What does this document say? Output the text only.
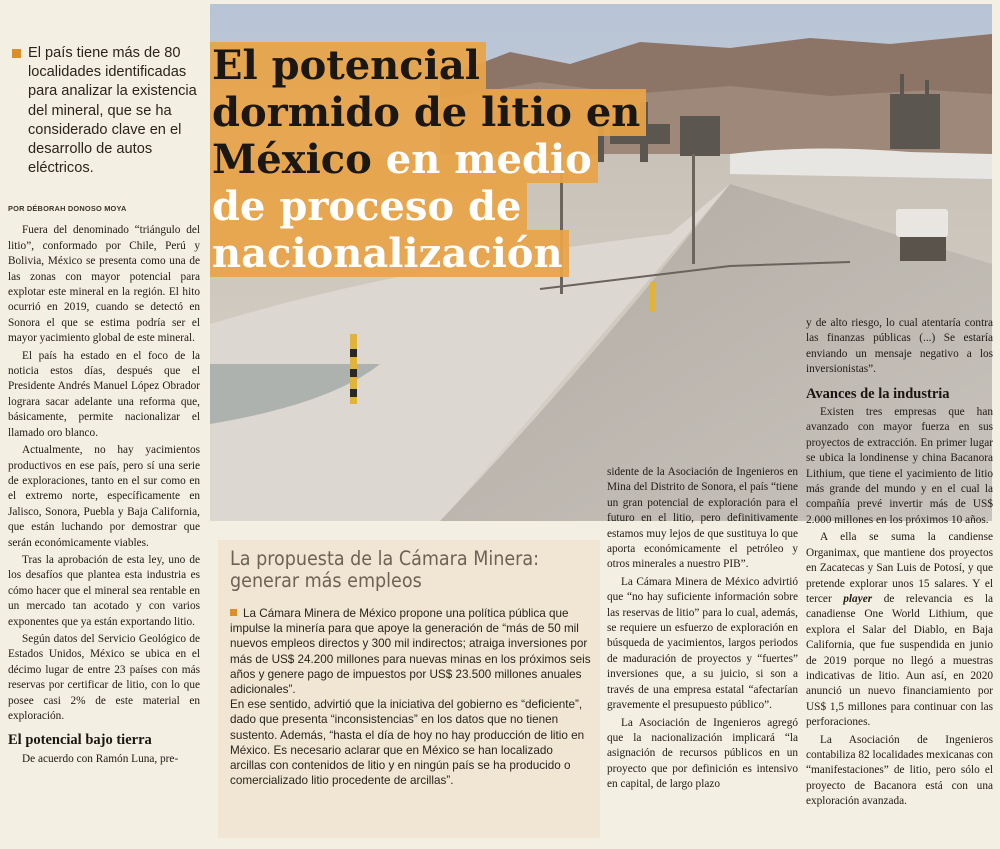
El potencial
dormido de litio en
México en medio
de proceso de
nacionalización
El país tiene más de 80 localidades identificadas para analizar la existencia del mineral, que se ha considerado clave en el desarrollo de autos eléctricos.
POR DÉBORAH DONOSO MOYA

Fuera del denominado “triángulo del litio”, conformado por Chile, Perú y Bolivia, México se presenta como una de las zonas con mayor potencial para explotar este mineral en la región. El hito ocurrió en 2019, cuando se detectó en Sonora el que se estima podría ser el mayor yacimiento global de este mineral.

El país ha estado en el foco de la noticia estos días, después que el Presidente Andrés Manuel López Obrador lograra sacar adelante una reforma que, básicamente, permite nacionalizar el llamado oro blanco.

Actualmente, no hay yacimientos productivos en ese país, pero sí una serie de exploraciones, tanto en el sur como en el extremo norte, específicamente en Jalisco, Sonora, Puebla y Baja California, que están luchando por demostrar que serán económicamente viables.

Tras la aprobación de esta ley, uno de los desafíos que plantea esta industria es cómo hacer que el mineral sea rentable en un mercado tan acotado y con varios exponentes que ya están exportando litio.

Según datos del Servicio Geológico de Estados Unidos, México se ubica en el décimo lugar de entre 23 países con más reservas por certificar de litio, con lo que posee casi 2% de este material en exploración.

El potencial bajo tierra

De acuerdo con Ramón Luna, pre-

La propuesta de la Cámara Minera:
generar más empleos

La Cámara Minera de México propone una política pública que impulse la minería para que apoye la generación de “más de 50 mil nuevos empleos directos y 300 mil indirectos; atraiga inversiones por más de US$ 24.200 millones para nuevas minas en los próximos seis años y genere pago de impuestos por US$ 23.500 millones anuales adicionales”.

En ese sentido, advirtió que la iniciativa del gobierno es “deficiente”, dado que presenta “inconsistencias” en los datos que no tienen sustento. Además, “hasta el día de hoy no hay producción de litio en México. Es necesario aclarar que en México se han localizado arcillas con contenidos de litio y en ningún país se ha producido o comercializado litio procedente de arcillas”.

sidente de la Asociación de Ingenieros en Mina del Distrito de Sonora, el país “tiene un gran potencial de exploración para el futuro en el litio, pero definitivamente estamos muy lejos de que sustituya lo que aporta económicamente el petróleo y otros minerales a nuestro PIB”.

La Cámara Minera de México advirtió que “no hay suficiente información sobre las reservas de litio” para lo cual, además, se requiere un esfuerzo de exploración en búsqueda de yacimientos, largos periodos de maduración de proyectos y “fuertes” inversiones que, a su juicio, si son a través de una empresa estatal “afectarían gravemente el presupuesto público”.

La Asociación de Ingenieros agregó que la nacionalización implicará “la asignación de recursos públicos en un proyecto que por definición es intensivo en capital, de largo plazo

y de alto riesgo, lo cual atentaría contra las finanzas públicas (...) Se estaría enviando un mensaje negativo a los inversionistas”.

Avances de la industria

Existen tres empresas que han avanzado con mayor fuerza en sus proyectos de extracción. En primer lugar se ubica la londinense y china Bacanora Lithium, que tiene el yacimiento de litio más grande del mundo y en el cual la compañía prevé invertir más de US$ 2.000 millones en los próximos 10 años.

A ella se suma la candiense Organimax, que mantiene dos proyectos en Zacatecas y San Luis de Potosí, y que pretende explorar unos 15 salares. Y el tercer player de relevancia es la canadiense One World Lithium, que explora el Salar del Diablo, en Baja California, que fue suspendida en junio de 2019 porque no llegó a muestras indicativas de litio. Aun así, en 2020 anunció un nuevo financiamiento por US$ 1,5 millones para continuar con las perforaciones.

La Asociación de Ingenieros contabiliza 82 localidades mexicanas con “manifestaciones” de litio, pero sólo el proyecto de Bacanora está con una exploración avanzada.
